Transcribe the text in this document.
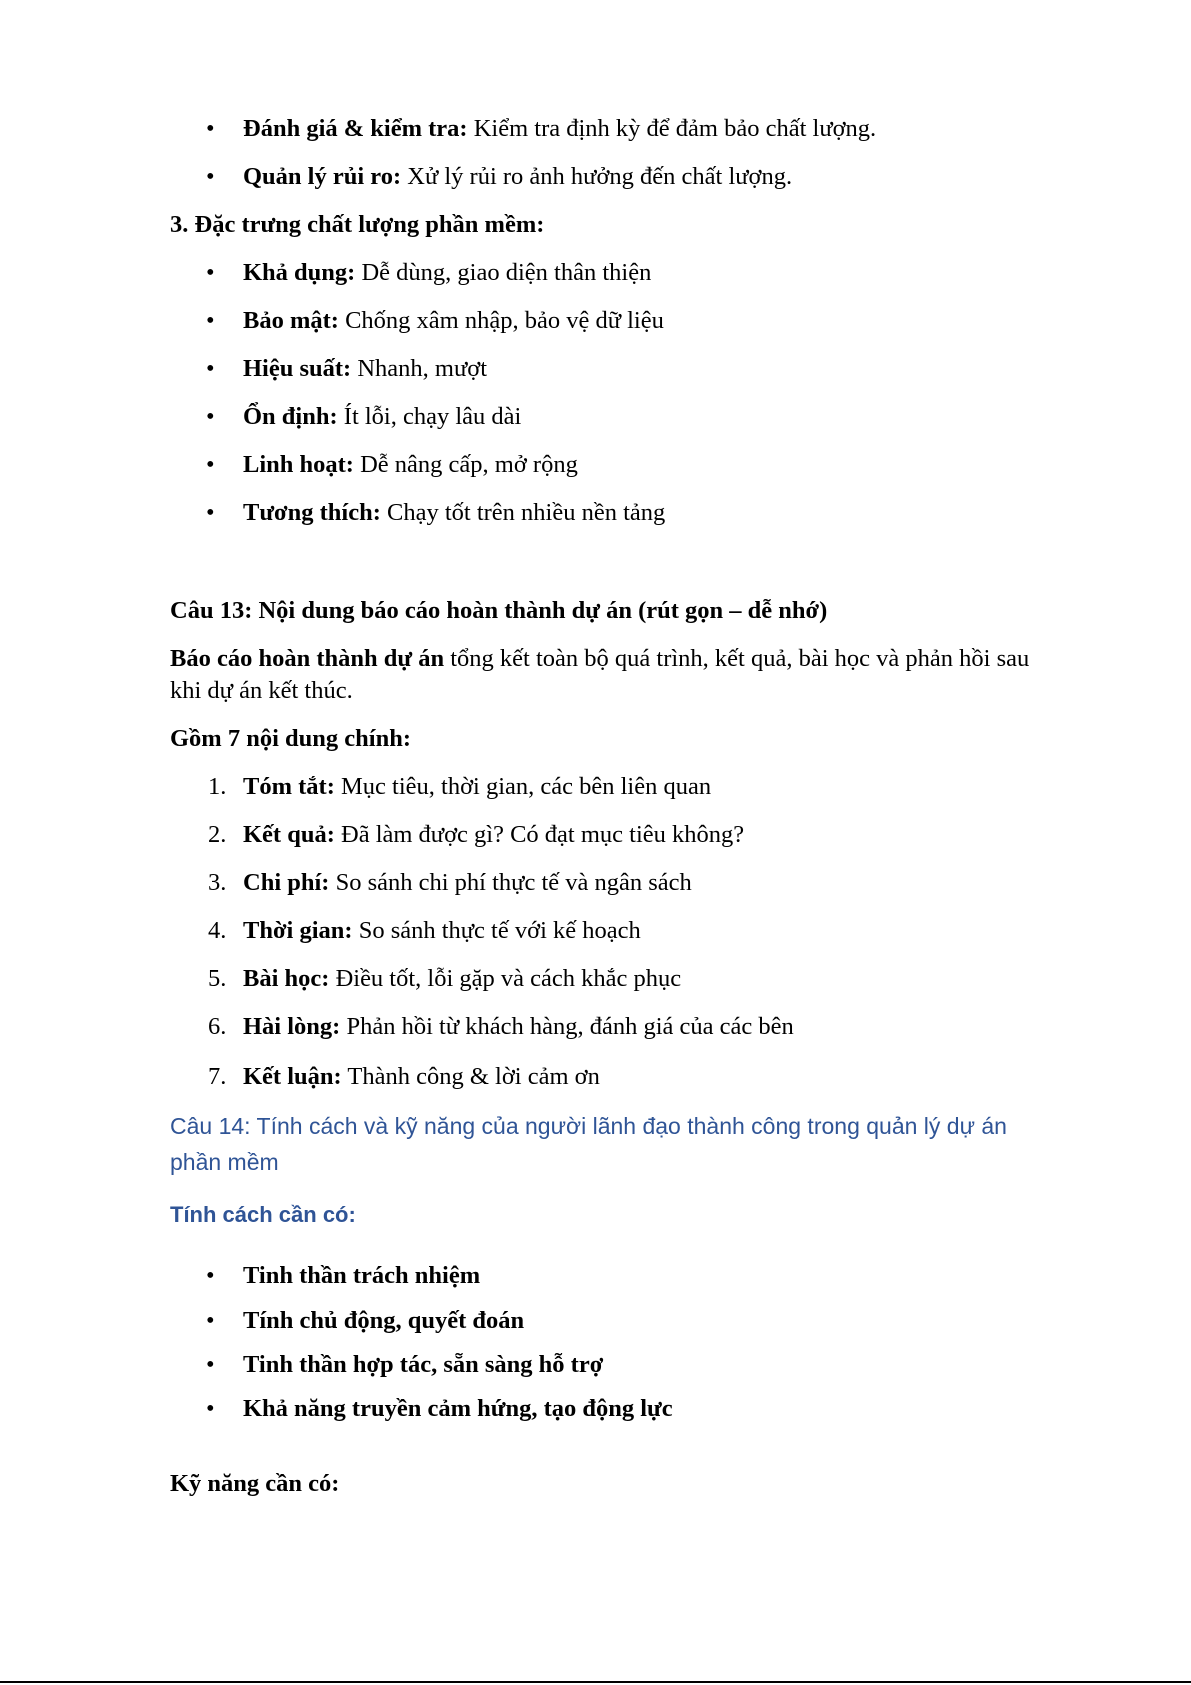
•	Đánh giá & kiểm tra: Kiểm tra định kỳ để đảm bảo chất lượng.
•	Quản lý rủi ro: Xử lý rủi ro ảnh hưởng đến chất lượng.
3. Đặc trưng chất lượng phần mềm:
•	Khả dụng: Dễ dùng, giao diện thân thiện
•	Bảo mật: Chống xâm nhập, bảo vệ dữ liệu
•	Hiệu suất: Nhanh, mượt
•	Ổn định: Ít lỗi, chạy lâu dài
•	Linh hoạt: Dễ nâng cấp, mở rộng
•	Tương thích: Chạy tốt trên nhiều nền tảng
Câu 13: Nội dung báo cáo hoàn thành dự án (rút gọn – dễ nhớ)
Báo cáo hoàn thành dự án tổng kết toàn bộ quá trình, kết quả, bài học và phản hồi sau khi dự án kết thúc.
Gồm 7 nội dung chính:
1. Tóm tắt: Mục tiêu, thời gian, các bên liên quan
2. Kết quả: Đã làm được gì? Có đạt mục tiêu không?
3. Chi phí: So sánh chi phí thực tế và ngân sách
4. Thời gian: So sánh thực tế với kế hoạch
5. Bài học: Điều tốt, lỗi gặp và cách khắc phục
6. Hài lòng: Phản hồi từ khách hàng, đánh giá của các bên
7. Kết luận: Thành công & lời cảm ơn
Câu 14: Tính cách và kỹ năng của người lãnh đạo thành công trong quản lý dự án phần mềm
Tính cách cần có:
•	Tinh thần trách nhiệm
•	Tính chủ động, quyết đoán
•	Tinh thần hợp tác, sẵn sàng hỗ trợ
•	Khả năng truyền cảm hứng, tạo động lực
Kỹ năng cần có:
